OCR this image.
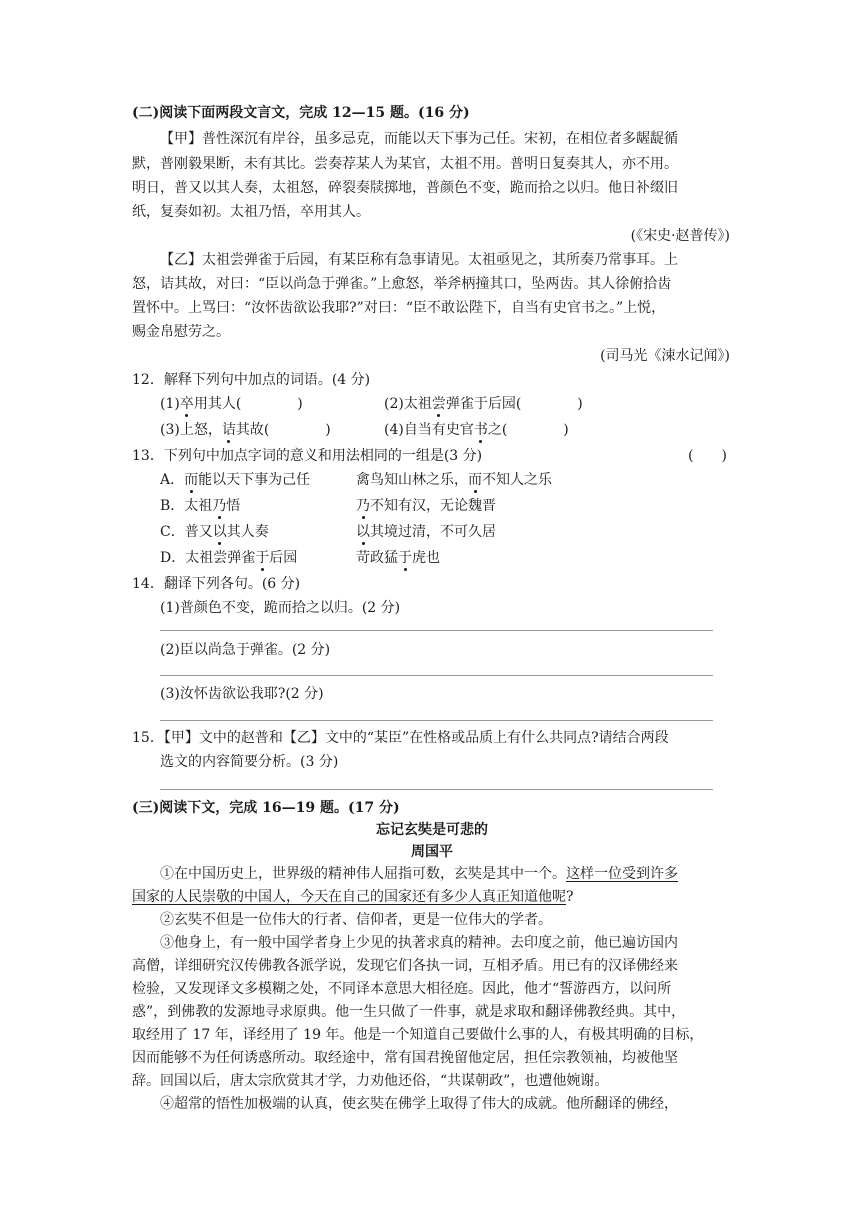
(二)阅读下面两段文言文，完成 12—15 题。(16 分)
【甲】普性深沉有岸谷，虽多忌克，而能以天下事为己任。宋初，在相位者多龌龊循
默，普刚毅果断，未有其比。尝奏荐某人为某官，太祖不用。普明日复奏其人，亦不用。
明日，普又以其人奏，太祖怒，碎裂奏牍掷地，普颜色不变，跪而拾之以归。他日补缀旧
纸，复奏如初。太祖乃悟，卒用其人。
(《宋史·赵普传》)
【乙】太祖尝弹雀于后园，有某臣称有急事请见。太祖亟见之，其所奏乃常事耳。上
怒，诘其故，对曰：“臣以尚急于弹雀。”上愈怒，举斧柄撞其口，坠两齿。其人徐俯拾齿
置怀中。上骂曰：“汝怀齿欲讼我耶?”对曰：“臣不敢讼陛下，自当有史官书之。”上悦，
赐金帛慰劳之。
(司马光《涑水记闻》)
12．解释下列句中加点的词语。(4 分)
(1)卒用其人(　　　　)	(2)太祖尝弹雀于后园(　　　　)
(3)上怒，诘其故(　　　　)	(4)自当有史官书之(　　　　)
13．下列句中加点字词的意义和用法相同的一组是(3 分)	(　　)
A．而能以天下事为己任	禽鸟知山林之乐，而不知人之乐
B．太祖乃悟	乃不知有汉，无论魏晋
C．普又以其人奏	以其境过清，不可久居
D．太祖尝弹雀于后园	苛政猛于虎也
14．翻译下列各句。(6 分)
(1)普颜色不变，跪而拾之以归。(2 分)
(2)臣以尚急于弹雀。(2 分)
(3)汝怀齿欲讼我耶?(2 分)
15．【甲】文中的赵普和【乙】文中的“某臣”在性格或品质上有什么共同点?请结合两段
选文的内容简要分析。(3 分)
(三)阅读下文，完成 16—19 题。(17 分)
忘记玄奘是可悲的
周国平
①在中国历史上，世界级的精神伟人屈指可数，玄奘是其中一个。这样一位受到许多
国家的人民崇敬的中国人，今天在自己的国家还有多少人真正知道他呢?
②玄奘不但是一位伟大的行者、信仰者，更是一位伟大的学者。
③他身上，有一般中国学者身上少见的执著求真的精神。去印度之前，他已遍访国内
高僧，详细研究汉传佛教各派学说，发现它们各执一词，互相矛盾。用已有的汉译佛经来
检验，又发现译文多模糊之处，不同译本意思大相径庭。因此，他才“誓游西方，以问所
惑”，到佛教的发源地寻求原典。他一生只做了一件事，就是求取和翻译佛教经典。其中，
取经用了 17 年，译经用了 19 年。他是一个知道自己要做什么事的人，有极其明确的目标，
因而能够不为任何诱惑所动。取经途中，常有国君挽留他定居，担任宗教领袖，均被他坚
辞。回国以后，唐太宗欣赏其才学，力劝他还俗，“共谋朝政”，也遭他婉谢。
④超常的悟性加极端的认真，使玄奘在佛学上取得了伟大的成就。他所翻译的佛经，
